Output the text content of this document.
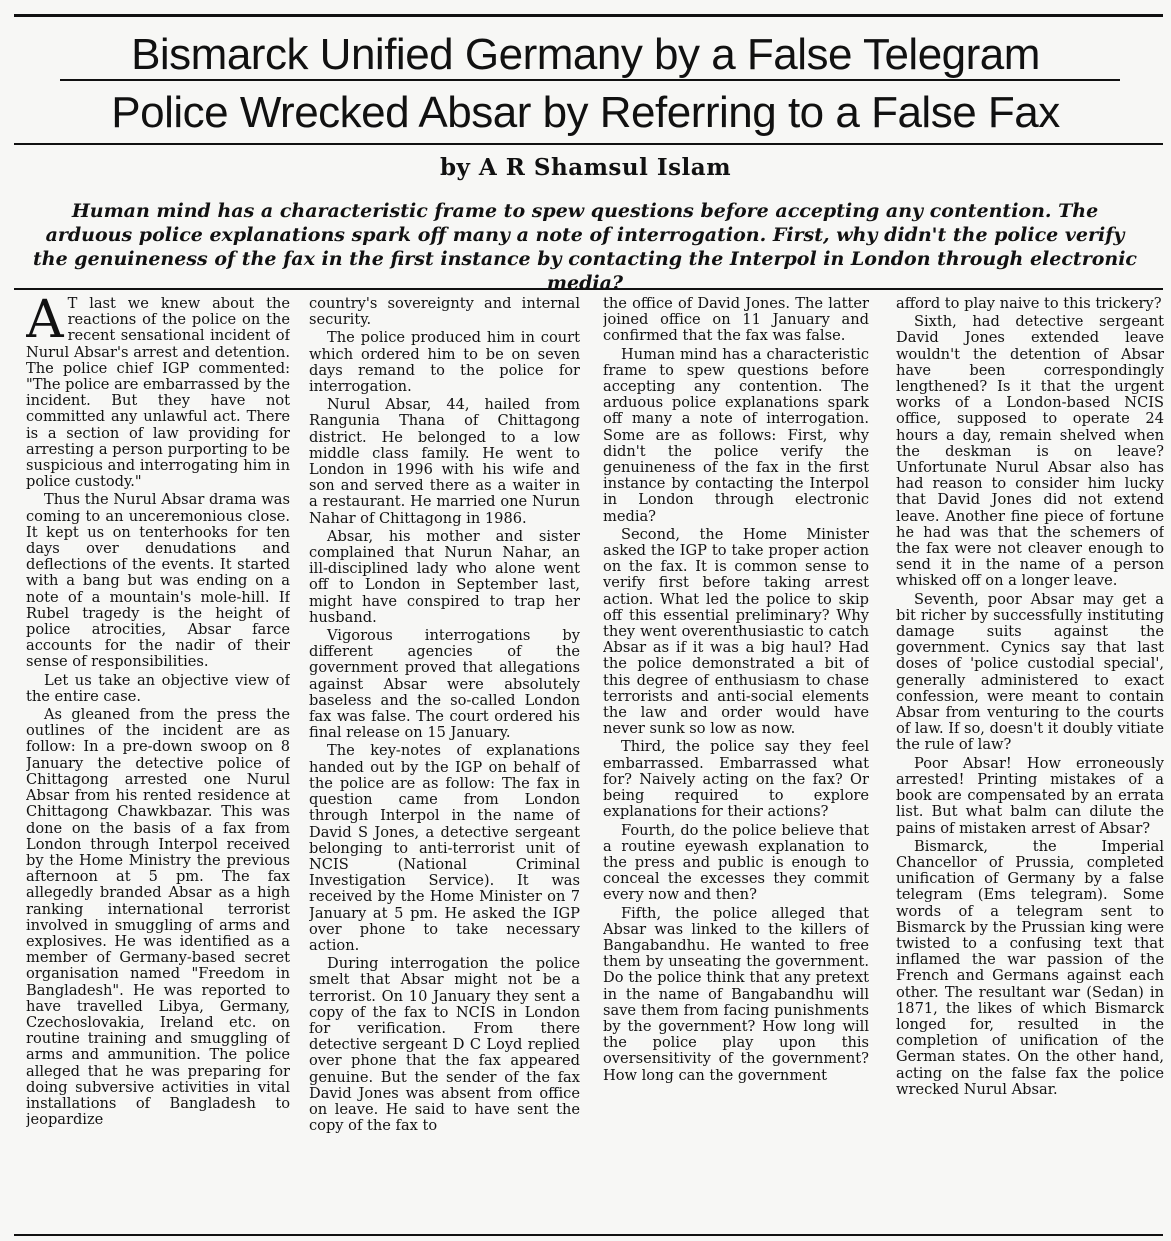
Bismarck Unified Germany by a False Telegram
Police Wrecked Absar by Referring to a False Fax
by A R Shamsul Islam
Human mind has a characteristic frame to spew questions before accepting any contention. The arduous police explanations spark off many a note of interrogation. First, why didn't the police verify the genuineness of the fax in the first instance by contacting the Interpol in London through electronic media?

A T last we knew about the reactions of the police on the recent sensational incident of Nurul Absar's arrest and detention. The police chief IGP commented: "The police are embarrassed by the incident. But they have not committed any unlawful act. There is a section of law providing for arresting a person purporting to be suspicious and interrogating him in police custody."

Thus the Nurul Absar drama was coming to an unceremonious close. It kept us on tenterhooks for ten days over denudations and deflections of the events. It started with a bang but was ending on a note of a mountain's mole-hill. If Rubel tragedy is the height of police atrocities, Absar farce accounts for the nadir of their sense of responsibilities.

Let us take an objective view of the entire case.

As gleaned from the press the outlines of the incident are as follow: In a pre-down swoop on 8 January the detective police of Chittagong arrested one Nurul Absar from his rented residence at Chittagong Chawkbazar. This was done on the basis of a fax from London through Interpol received by the Home Ministry the previous afternoon at 5 pm. The fax allegedly branded Absar as a high ranking international terrorist involved in smuggling of arms and explosives. He was identified as a member of Germany-based secret organisation named "Freedom in Bangladesh". He was reported to have travelled Libya, Germany, Czechoslovakia, Ireland etc. on routine training and smuggling of arms and ammunition. The police alleged that he was preparing for doing subversive activities in vital installations of Bangladesh to jeopardize

country's sovereignty and internal security.

The police produced him in court which ordered him to be on seven days remand to the police for interrogation.

Nurul Absar, 44, hailed from Rangunia Thana of Chittagong district. He belonged to a low middle class family. He went to London in 1996 with his wife and son and served there as a waiter in a restaurant. He married one Nurun Nahar of Chittagong in 1986.

Absar, his mother and sister complained that Nurun Nahar, an ill-disciplined lady who alone went off to London in September last, might have conspired to trap her husband.

Vigorous interrogations by different agencies of the government proved that allegations against Absar were absolutely baseless and the so-called London fax was false. The court ordered his final release on 15 January.

The key-notes of explanations handed out by the IGP on behalf of the police are as follow: The fax in question came from London through Interpol in the name of David S Jones, a detective sergeant belonging to anti-terrorist unit of NCIS (National Criminal Investigation Service). It was received by the Home Minister on 7 January at 5 pm. He asked the IGP over phone to take necessary action.

During interrogation the police smelt that Absar might not be a terrorist. On 10 January they sent a copy of the fax to NCIS in London for verification. From there detective sergeant D C Loyd replied over phone that the fax appeared genuine. But the sender of the fax David Jones was absent from office on leave. He said to have sent the copy of the fax to

the office of David Jones. The latter joined office on 11 January and confirmed that the fax was false.

Human mind has a characteristic frame to spew questions before accepting any contention. The arduous police explanations spark off many a note of interrogation. Some are as follows: First, why didn't the police verify the genuineness of the fax in the first instance by contacting the Interpol in London through electronic media?

Second, the Home Minister asked the IGP to take proper action on the fax. It is common sense to verify first before taking arrest action. What led the police to skip off this essential preliminary? Why they went overenthusiastic to catch Absar as if it was a big haul? Had the police demonstrated a bit of this degree of enthusiasm to chase terrorists and anti-social elements the law and order would have never sunk so low as now.

Third, the police say they feel embarrassed. Embarrassed what for? Naively acting on the fax? Or being required to explore explanations for their actions?

Fourth, do the police believe that a routine eyewash explanation to the press and public is enough to conceal the excesses they commit every now and then?

Fifth, the police alleged that Absar was linked to the killers of Bangabandhu. He wanted to free them by unseating the government. Do the police think that any pretext in the name of Bangabandhu will save them from facing punishments by the government? How long will the police play upon this oversensitivity of the government? How long can the government

afford to play naive to this trickery?

Sixth, had detective sergeant David Jones extended leave wouldn't the detention of Absar have been correspondingly lengthened? Is it that the urgent works of a London-based NCIS office, supposed to operate 24 hours a day, remain shelved when the deskman is on leave? Unfortunate Nurul Absar also has had reason to consider him lucky that David Jones did not extend leave. Another fine piece of fortune he had was that the schemers of the fax were not cleaver enough to send it in the name of a person whisked off on a longer leave.

Seventh, poor Absar may get a bit richer by successfully instituting damage suits against the government. Cynics say that last doses of 'police custodial special', generally administered to exact confession, were meant to contain Absar from venturing to the courts of law. If so, doesn't it doubly vitiate the rule of law?

Poor Absar! How erroneously arrested! Printing mistakes of a book are compensated by an errata list. But what balm can dilute the pains of mistaken arrest of Absar?

Bismarck, the Imperial Chancellor of Prussia, completed unification of Germany by a false telegram (Ems telegram). Some words of a telegram sent to Bismarck by the Prussian king were twisted to a confusing text that inflamed the war passion of the French and Germans against each other. The resultant war (Sedan) in 1871, the likes of which Bismarck longed for, resulted in the completion of unification of the German states. On the other hand, acting on the false fax the police wrecked Nurul Absar.
